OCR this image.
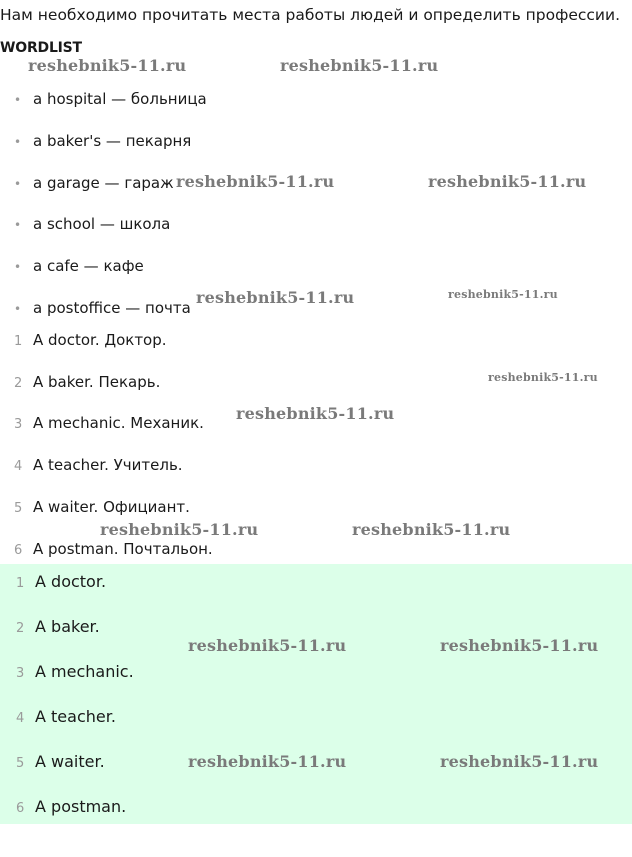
Нам необходимо прочитать места работы людей и определить профессии.
WORDLIST
• a hospital — больница
• a baker's — пекарня
• a garage — гараж
• a school — школа
• a cafe — кафе
• a postoffice — почта
1 A doctor. Доктор.
2 A baker. Пекарь.
3 A mechanic. Механик.
4 A teacher. Учитель.
5 A waiter. Официант.
6 A postman. Почтальон.
1 A doctor.
2 A baker.
3 A mechanic.
4 A teacher.
5 A waiter.
6 A postman.
reshebnik5-11.ru	reshebnik5-11.ru
reshebnik5-11.ru	reshebnik5-11.ru
reshebnik5-11.ru	reshebnik5-11.ru
reshebnik5-11.ru
reshebnik5-11.ru
reshebnik5-11.ru	reshebnik5-11.ru
reshebnik5-11.ru	reshebnik5-11.ru
reshebnik5-11.ru	reshebnik5-11.ru
